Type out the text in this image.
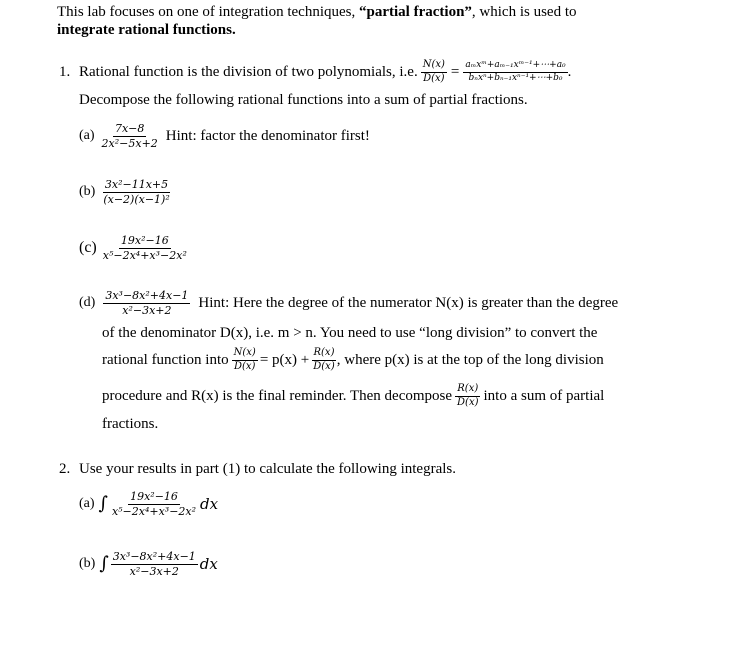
This lab focuses on one of integration techniques, “partial fraction”, which is used to
integrate rational functions.
1. Rational function is the division of two polynomials, i.e. $\frac{N(x)}{D(x)} = \frac{\text{aₘxᵐ+aₘ₋₁xᵐ⁻¹+⋯+a₀}}{\text{bₙxⁿ+bₙ₋₁xⁿ⁻¹+⋯+b₀}}$ .
Decompose the following rational functions into a sum of partial fractions.
$(a) \frac{7x-8}{\text{2x²−5x+2}}$ Hint: factor the denominator first!
$(b) \frac{\text{3x²−11x+5}}{\text{(x−2)(x−1)²}}$
$(c) \frac{\text{19x²−16}}{\text{x⁵−2x⁴+x³−2x²}}$
$(d) \frac{\text{3x³−8x²+4x−1}}{\text{x²−3x+2}}$ Hint: Here the degree of the numerator N(x) is greater than the degree
of the denominator D(x), i.e. m > n. You need to use “long division” to convert the
rational function into $\frac{N(x)}{D(x)} = p(x) + \frac{R(x)}{D(x)}$ , where p(x) is at the top of the long division
procedure and R(x) is the final reminder. Then decompose $\frac{R(x)}{D(x)}$ into a sum of partial
fractions.
2. Use your results in part (1) to calculate the following integrals.
(a) ∫ $\frac{\text{19x²−16}}{\text{x⁵−2x⁴+x³−2x²}}$ dx
(b) ∫ $\frac{\text{3x³−8x²+4x−1}}{\text{x²−3x+2}}$ dx
